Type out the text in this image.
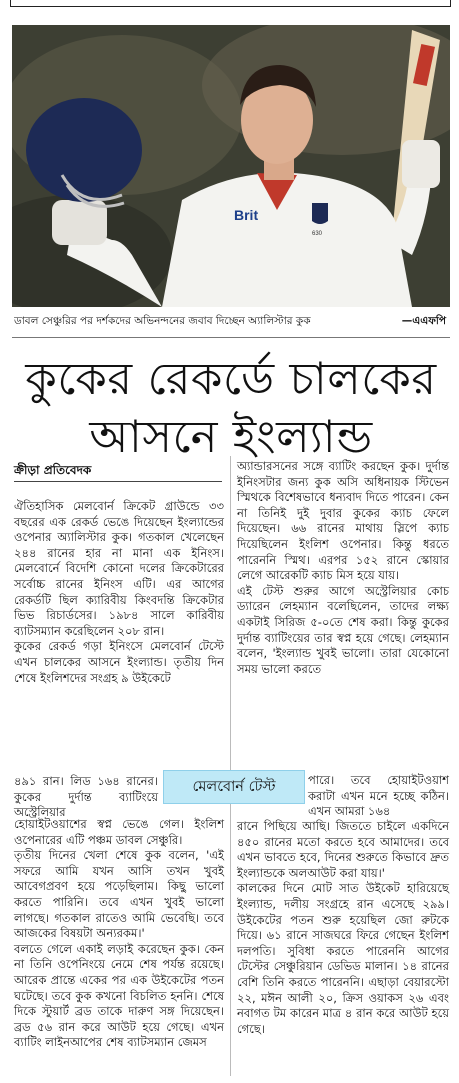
Brit
630
ডাবল সেঞ্চুরির পর দর্শকদের অভিনন্দনের জবাব দিচ্ছেন অ্যালিস্টার কুক	—এএফপি
কুকের রেকর্ডে চালকের
আসনে ইংল্যান্ড
ক্রীড়া প্রতিবেদক

ঐতিহাসিক মেলবোর্ন ক্রিকেট গ্রাউন্ডে ৩৩ বছরের এক রেকর্ড ভেঙে দিয়েছেন ইংল্যান্ডের ওপেনার অ্যালিস্টার কুক। গতকাল খেলেছেন ২৪৪ রানের হার না মানা এক ইনিংস। মেলবোর্নে বিদেশি কোনো দলের ক্রিকেটারের সর্বোচ্চ রানের ইনিংস এটি। এর আগের রেকর্ডটি ছিল ক্যারিবীয় কিংবদন্তি ক্রিকেটার ভিভ রিচার্ডসের। ১৯৮৪ সালে কারিবীয় ব্যাটসম্যান করেছিলেন ২০৮ রান।

কুকের রেকর্ড গড়া ইনিংসে মেলবোর্ন টেস্টে এখন চালকের আসনে ইংল্যান্ড। তৃতীয় দিন শেষে ইংলিশদের সংগ্রহ ৯ উইকেটে

৪৯১ রান। লিড ১৬৪ রানের। কুকের দুর্দান্ত ব্যাটিংয়ে অস্ট্রেলিয়ার

হোয়াইটওয়াশের স্বপ্ন ভেঙে গেল। ইংলিশ ওপেনারের এটি পঞ্চম ডাবল সেঞ্চুরি।

তৃতীয় দিনের খেলা শেষে কুক বলেন, 'এই সফরে আমি যখন আসি তখন খুবই আবেগপ্রবণ হয়ে পড়েছিলাম। কিছু ভালো করতে পারিনি। তবে এখন খুবই ভালো লাগছে। গতকাল রাতেও আমি ভেবেছি। তবে আজকের বিষয়টা অন্যরকম।'

বলতে গেলে একাই লড়াই করেছেন কুক। কেন না তিনি ওপেনিংয়ে নেমে শেষ পর্যন্ত রয়েছে। আরেক প্রান্তে একের পর এক উইকেটের পতন ঘটেছে। তবে কুক কখনো বিচলিত হননি। শেষে দিকে স্টুয়ার্ট ব্রড তাকে দারুণ সঙ্গ দিয়েছেন। ব্রড ৫৬ রান করে আউট হয়ে গেছে। এখন ব্যাটিং লাইনআপের শেষ ব্যাটসম্যান জেমস

অ্যান্ডারসনের সঙ্গে ব্যাটিং করছেন কুক। দুর্দান্ত ইনিংসটার জন্য কুক অসি অধিনায়ক স্টিভেন স্মিথকে বিশেষভাবে ধন্যবাদ দিতে পারেন। কেন না তিনিই দুই দুবার কুকের ক্যাচ ফেলে দিয়েছেন। ৬৬ রানের মাথায় স্লিপে ক্যাচ দিয়েছিলেন ইংলিশ ওপেনার। কিন্তু ধরতে পারেননি স্মিথ। এরপর ১৫২ রানে স্কোয়ার লেগে আরেকটি ক্যাচ মিস হয়ে যায়।

এই টেস্ট শুরুর আগে অস্ট্রেলিয়ার কোচ ড্যারেন লেহম্যান বলেছিলেন, তাদের লক্ষ্য একটাই সিরিজ ৫-০তে শেষ করা। কিন্তু কুকের দুর্দান্ত ব্যাটিংয়ের তার স্বপ্ন হয়ে গেছে। লেহম্যান বলেন, 'ইংল্যান্ড খুবই ভালো। তারা যেকোনো সময় ভালো করতে

মেলবোর্ন টেস্ট	পারে। তবে হোয়াইটওয়াশ করাটা এখন মনে হচ্ছে কঠিন। এখন আমরা ১৬৪

রানে পিছিয়ে আছি। জিততে চাইলে একদিনে ৪৫০ রানের মতো করতে হবে আমাদের। তবে এখন ভাবতে হবে, দিনের শুরুতে কিভাবে দ্রুত ইংল্যান্ডকে অলআউট করা যায়।'

কালকের দিনে মোট সাত উইকেট হারিয়েছে ইংল্যান্ড, দলীয় সংগ্রহে রান এসেছে ২৯৯। উইকেটের পতন শুরু হয়েছিল জো রুটকে দিয়ে। ৬১ রানে সাজঘরে ফিরে গেছেন ইংলিশ দলপতি। সুবিধা করতে পারেননি আগের টেস্টের সেঞ্চুরিয়ান ডেভিড মালান। ১৪ রানের বেশি তিনি করতে পারেননি। এছাড়া বেয়ারস্টো ২২, মঈন আলী ২০, ক্রিস ওয়াকস ২৬ এবং নবাগত টম কারেন মাত্র ৪ রান করে আউট হয়ে গেছে।
